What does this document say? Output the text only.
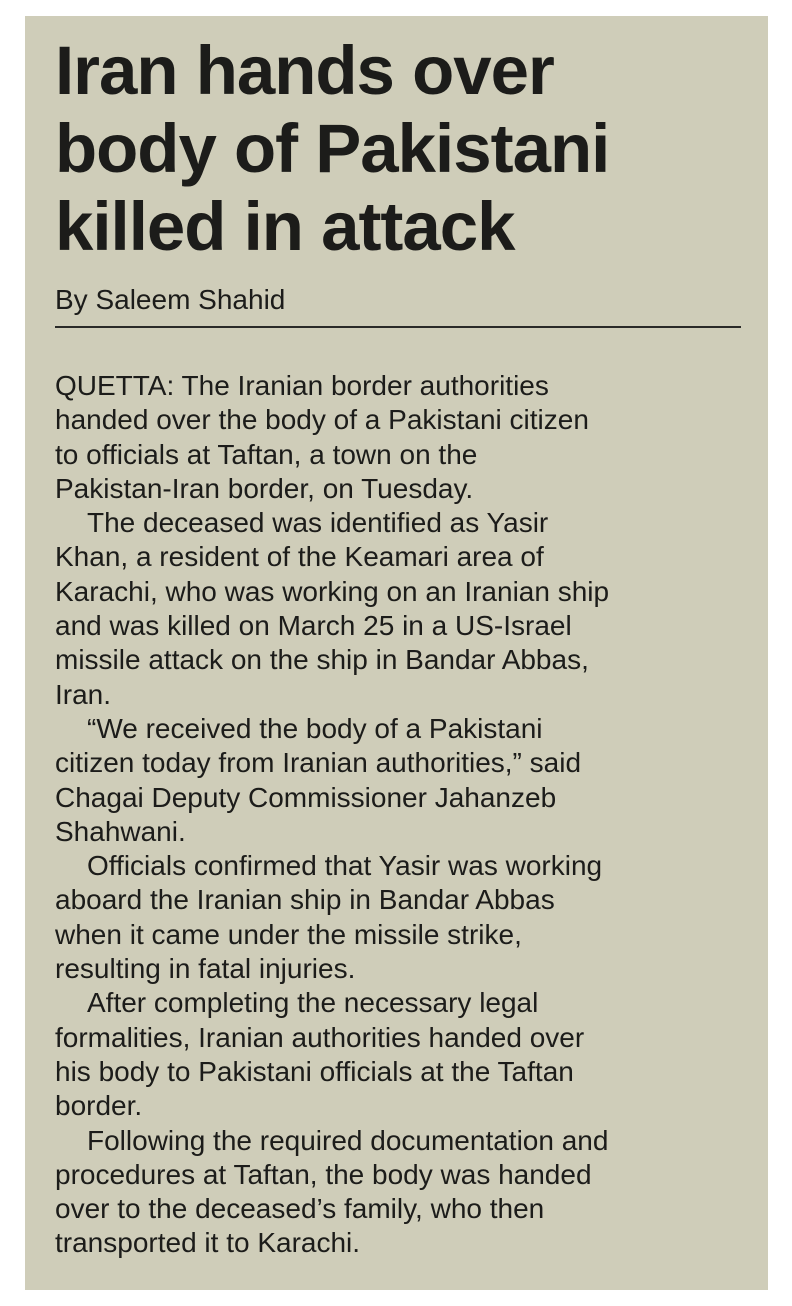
Iran hands over
body of Pakistani
killed in attack

By Saleem Shahid

QUETTA: The Iranian border authorities
handed over the body of a Pakistani citizen
to officials at Taftan, a town on the
Pakistan-Iran border, on Tuesday.

The deceased was identified as Yasir
Khan, a resident of the Keamari area of
Karachi, who was working on an Iranian ship
and was killed on March 25 in a US-Israel
missile attack on the ship in Bandar Abbas,
Iran.

“We received the body of a Pakistani
citizen today from Iranian authorities,” said
Chagai Deputy Commissioner Jahanzeb
Shahwani.

Officials confirmed that Yasir was working
aboard the Iranian ship in Bandar Abbas
when it came under the missile strike,
resulting in fatal injuries.

After completing the necessary legal
formalities, Iranian authorities handed over
his body to Pakistani officials at the Taftan
border.

Following the required documentation and
procedures at Taftan, the body was handed
over to the deceased’s family, who then
transported it to Karachi.
